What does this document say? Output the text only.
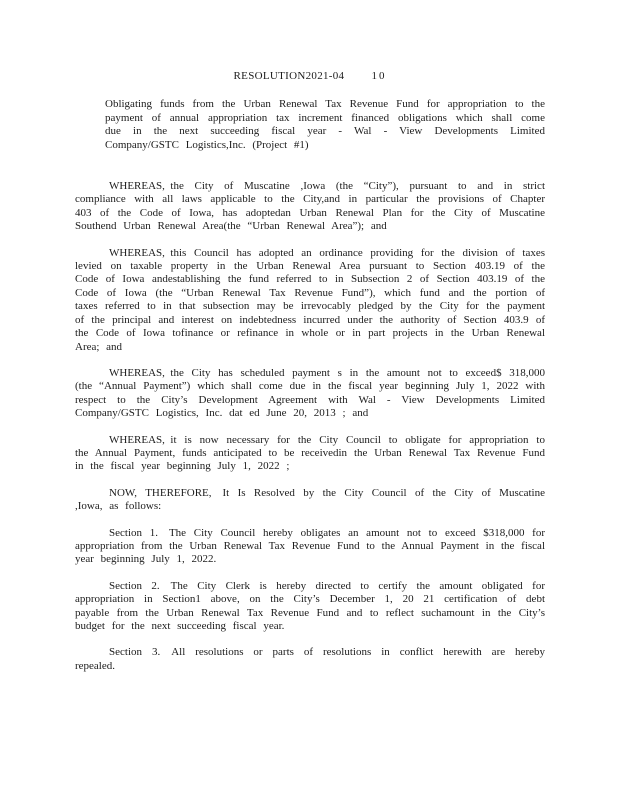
RESOLUTION2021-04 10

Obligating funds from the Urban Renewal Tax Revenue Fund for appropriation to the payment of annual appropriation tax increment financed obligations which shall come due in the next succeeding fiscal year - Wal - View Developments Limited Company/GSTC Logistics,Inc. (Project #1)

WHEREAS, the City of Muscatine ,Iowa (the “City”), pursuant to and in strict compliance with all laws applicable to the City,and in particular the provisions of Chapter 403 of the Code of Iowa, has adoptedan Urban Renewal Plan for the City of Muscatine Southend Urban Renewal Area(the “Urban Renewal Area”); and

WHEREAS, this Council has adopted an ordinance providing for the division of taxes levied on taxable property in the Urban Renewal Area pursuant to Section 403.19 of the Code of Iowa andestablishing the fund referred to in Subsection 2 of Section 403.19 of the Code of Iowa (the “Urban Renewal Tax Revenue Fund”), which fund and the portion of taxes referred to in that subsection may be irrevocably pledged by the City for the payment of the principal and interest on indebtedness incurred under the authority of Section 403.9 of the Code of Iowa tofinance or refinance in whole or in part projects in the Urban Renewal Area; and

WHEREAS, the City has scheduled payment s in the amount not to exceed$ 318,000 (the “Annual Payment”) which shall come due in the fiscal year beginning July 1, 2022 with respect to the City’s Development Agreement with Wal - View Developments Limited Company/GSTC Logistics, Inc. dat ed June 20, 2013 ; and

WHEREAS, it is now necessary for the City Council to obligate for appropriation to the Annual Payment, funds anticipated to be receivedin the Urban Renewal Tax Revenue Fund in the fiscal year beginning July 1, 2022 ;

NOW, THEREFORE, It Is Resolved by the City Council of the City of Muscatine ,Iowa, as follows:

Section 1. The City Council hereby obligates an amount not to exceed $318,000 for appropriation from the Urban Renewal Tax Revenue Fund to the Annual Payment in the fiscal year beginning July 1, 2022.

Section 2. The City Clerk is hereby directed to certify the amount obligated for appropriation in Section1 above, on the City’s December 1, 20 21 certification of debt payable from the Urban Renewal Tax Revenue Fund and to reflect suchamount in the City’s budget for the next succeeding fiscal year.

Section 3. All resolutions or parts of resolutions in conflict herewith are hereby repealed.
